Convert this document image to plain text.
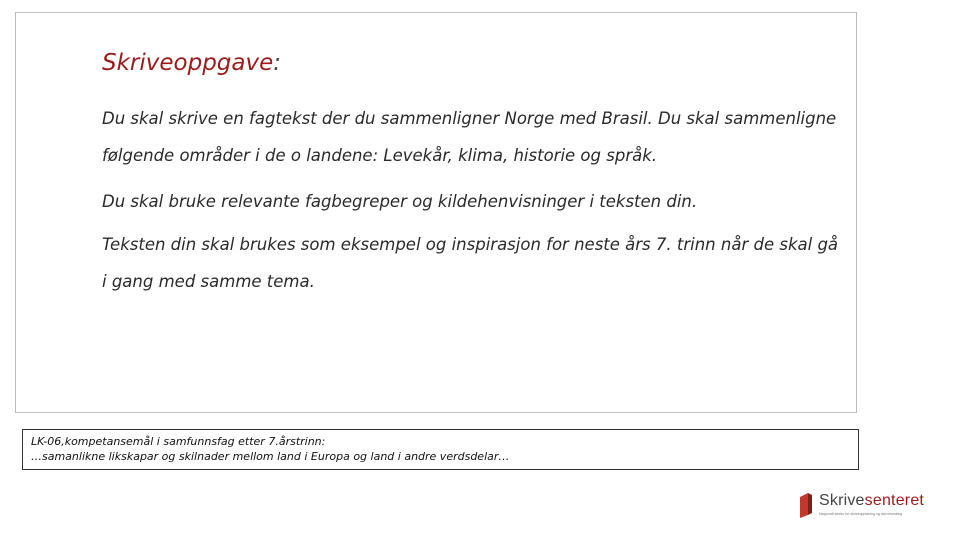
Skriveoppgave:

Du skal skrive en fagtekst der du sammenligner Norge med Brasil. Du skal sammenligne følgende områder i de o landene: Levekår, klima, historie og språk.

Du skal bruke relevante fagbegreper og kildehenvisninger i teksten din.

Teksten din skal brukes som eksempel og inspirasjon for neste års 7. trinn når de skal gå i gang med samme tema.

LK-06,kompetansemål i samfunnsfag etter 7.årstrinn:
…samanlikne likskapar og skilnader mellom land i Europa og land i andre verdsdelar…
Skrivesenteret
Nasjonalt senter for skriveopplæring og skriveforsking
